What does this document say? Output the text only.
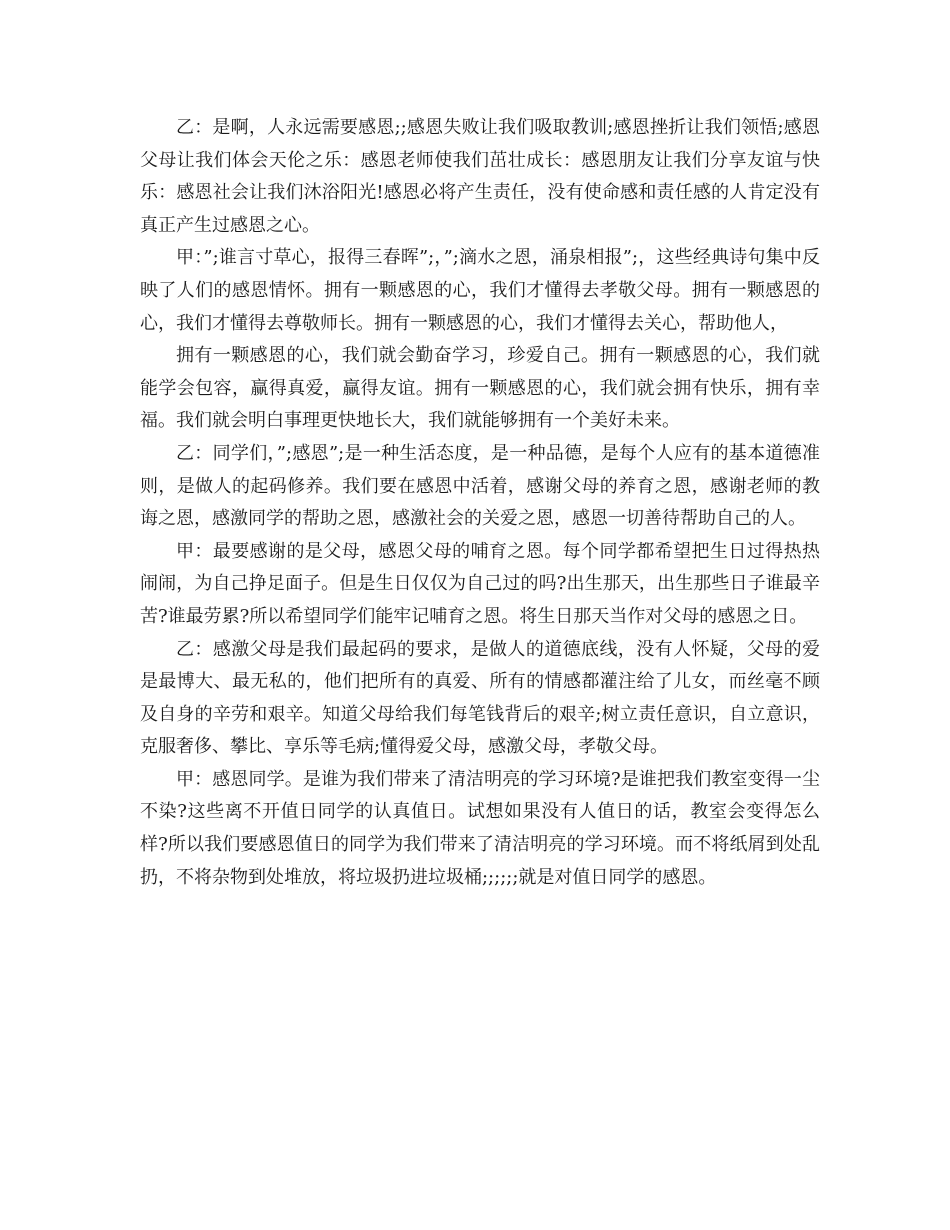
乙：是啊，人永远需要感恩;;感恩失败让我们吸取教训;感恩挫折让我们领悟;感恩父母让我们体会天伦之乐：感恩老师使我们茁壮成长：感恩朋友让我们分享友谊与快乐：感恩社会让我们沐浴阳光!感恩必将产生责任，没有使命感和责任感的人肯定没有真正产生过感恩之心。

甲：”;谁言寸草心，报得三春晖”;，”;滴水之恩，涌泉相报”;，这些经典诗句集中反映了人们的感恩情怀。拥有一颗感恩的心，我们才懂得去孝敬父母。拥有一颗感恩的心，我们才懂得去尊敬师长。拥有一颗感恩的心，我们才懂得去关心，帮助他人，

拥有一颗感恩的心，我们就会勤奋学习，珍爱自己。拥有一颗感恩的心，我们就能学会包容，赢得真爱，赢得友谊。拥有一颗感恩的心，我们就会拥有快乐，拥有幸福。我们就会明白事理更快地长大，我们就能够拥有一个美好未来。

乙：同学们，”;感恩”;是一种生活态度，是一种品德，是每个人应有的基本道德准则，是做人的起码修养。我们要在感恩中活着，感谢父母的养育之恩，感谢老师的教诲之恩，感激同学的帮助之恩，感激社会的关爱之恩，感恩一切善待帮助自己的人。

甲：最要感谢的是父母，感恩父母的哺育之恩。每个同学都希望把生日过得热热闹闹，为自己挣足面子。但是生日仅仅为自己过的吗?出生那天，出生那些日子谁最辛苦?谁最劳累?所以希望同学们能牢记哺育之恩。将生日那天当作对父母的感恩之日。

乙：感激父母是我们最起码的要求，是做人的道德底线，没有人怀疑，父母的爱是最博大、最无私的，他们把所有的真爱、所有的情感都灌注给了儿女，而丝毫不顾及自身的辛劳和艰辛。知道父母给我们每笔钱背后的艰辛;树立责任意识，自立意识，克服奢侈、攀比、享乐等毛病;懂得爱父母，感激父母，孝敬父母。

甲：感恩同学。是谁为我们带来了清洁明亮的学习环境?是谁把我们教室变得一尘不染?这些离不开值日同学的认真值日。试想如果没有人值日的话，教室会变得怎么样?所以我们要感恩值日的同学为我们带来了清洁明亮的学习环境。而不将纸屑到处乱扔，不将杂物到处堆放，将垃圾扔进垃圾桶;;;;;;就是对值日同学的感恩。
